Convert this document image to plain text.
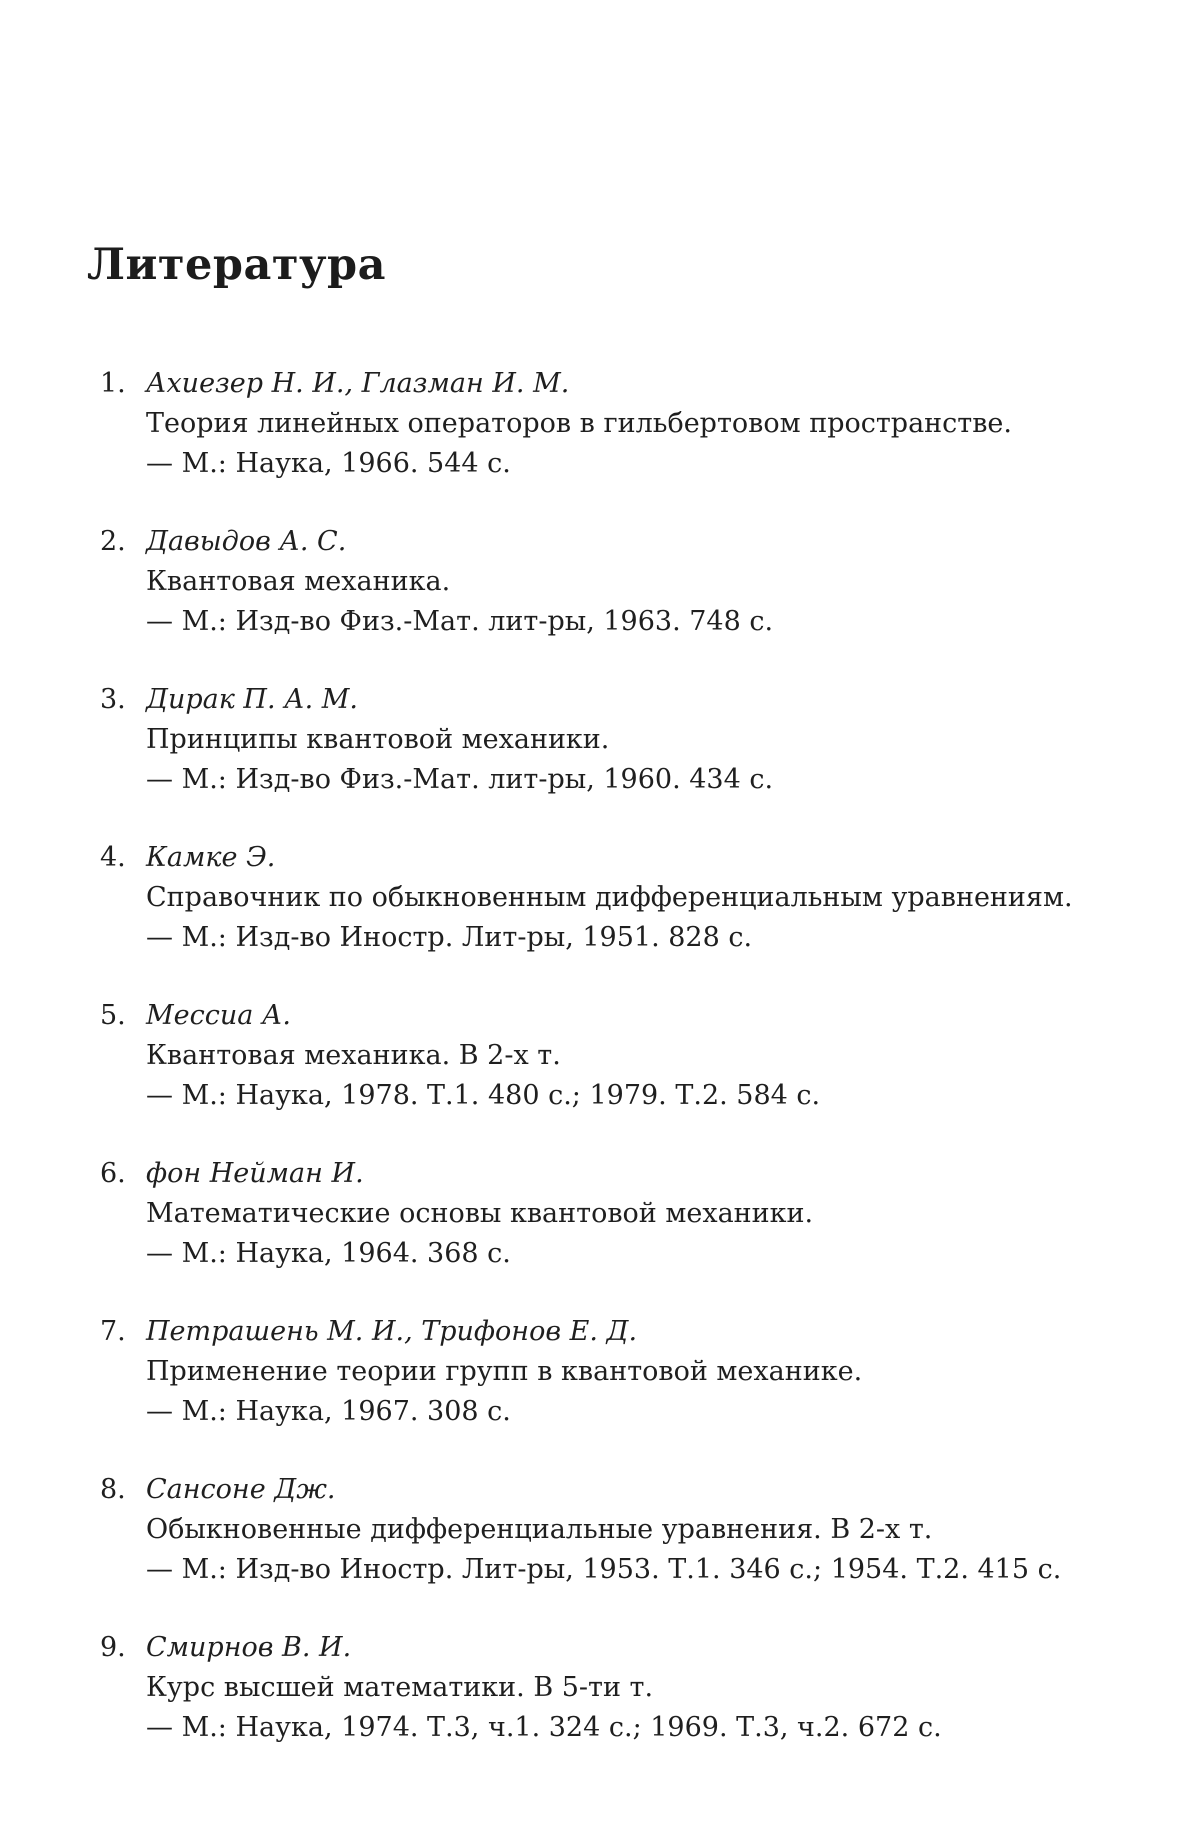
Литература
1. Ахиезер Н. И., Глазман И. М.
Теория линейных операторов в гильбертовом пространстве.
— М.: Наука, 1966. 544 с.
2. Давыдов А. С.
Квантовая механика.
— М.: Изд-во Физ.-Мат. лит-ры, 1963. 748 с.
3. Дирак П. А. М.
Принципы квантовой механики.
— М.: Изд-во Физ.-Мат. лит-ры, 1960. 434 с.
4. Камке Э.
Справочник по обыкновенным дифференциальным уравнениям.
— М.: Изд-во Иностр. Лит-ры, 1951. 828 с.
5. Мессиа А.
Квантовая механика. В 2-х т.
— М.: Наука, 1978. Т.1. 480 с.; 1979. Т.2. 584 с.
6. фон Нейман И.
Математические основы квантовой механики.
— М.: Наука, 1964. 368 с.
7. Петрашень М. И., Трифонов Е. Д.
Применение теории групп в квантовой механике.
— М.: Наука, 1967. 308 с.
8. Сансоне Дж.
Обыкновенные дифференциальные уравнения. В 2-х т.
— М.: Изд-во Иностр. Лит-ры, 1953. Т.1. 346 с.; 1954. Т.2. 415 с.
9. Смирнов В. И.
Курс высшей математики. В 5-ти т.
— М.: Наука, 1974. Т.3, ч.1. 324 с.; 1969. Т.3, ч.2. 672 с.
